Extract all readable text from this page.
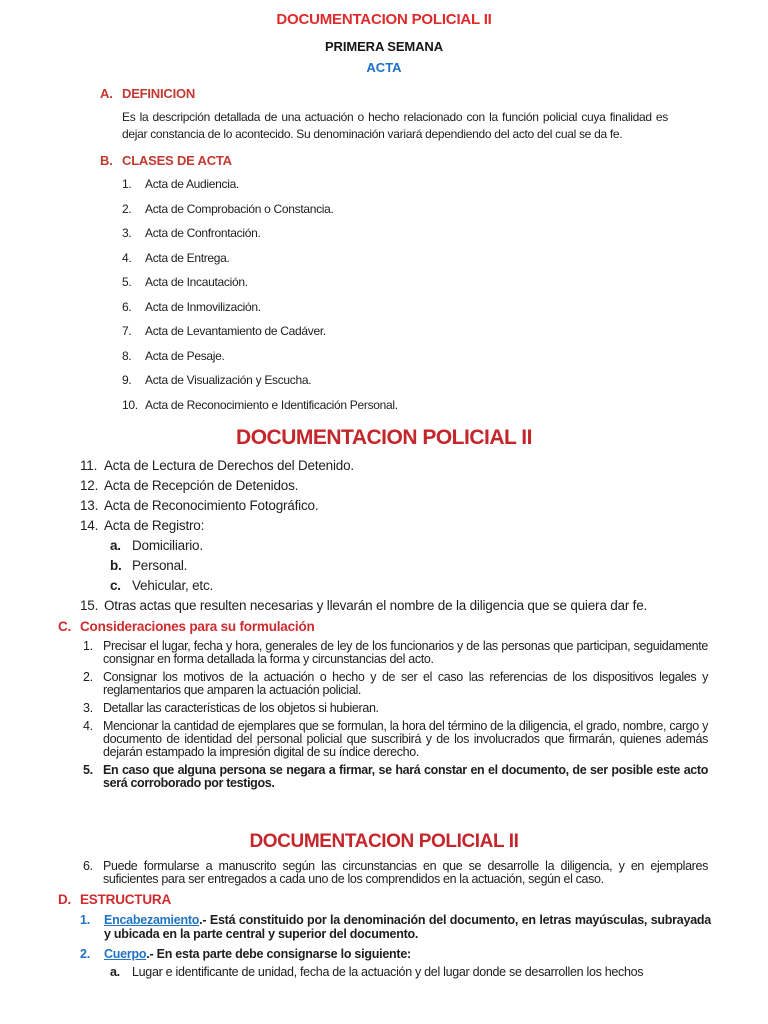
DOCUMENTACION POLICIAL II
PRIMERA SEMANA
ACTA
A. DEFINICION

Es la descripción detallada de una actuación o hecho relacionado con la función policial cuya finalidad es dejar constancia de lo acontecido. Su denominación variará dependiendo del acto del cual se da fe.

B. CLASES DE ACTA
1.	Acta de Audiencia.
2.	Acta de Comprobación o Constancia.
3.	Acta de Confrontación.
4.	Acta de Entrega.
5.	Acta de Incautación.
6.	Acta de Inmovilización.
7.	Acta de Levantamiento de Cadáver.
8.	Acta de Pesaje.
9.	Acta de Visualización y Escucha.
10. Acta de Reconocimiento e Identificación Personal.
DOCUMENTACION POLICIAL II
11. Acta de Lectura de Derechos del Detenido.
12. Acta de Recepción de Detenidos.
13. Acta de Reconocimiento Fotográfico.
14. Acta de Registro:
a. Domiciliario.
b. Personal.
c. Vehicular, etc.
15. Otras actas que resulten necesarias y llevarán el nombre de la diligencia que se quiera dar fe.
C. Consideraciones para su formulación
1. Precisar el lugar, fecha y hora, generales de ley de los funcionarios y de las personas que participan, seguidamente consignar en forma detallada la forma y circunstancias del acto.
2. Consignar los motivos de la actuación o hecho y de ser el caso las referencias de los dispositivos legales y reglamentarios que amparen la actuación policial.
3. Detallar las características de los objetos si hubieran.
4. Mencionar la cantidad de ejemplares que se formulan, la hora del término de la diligencia, el grado, nombre, cargo y documento de identidad del personal policial que suscribirá y de los involucrados que firmarán, quienes además dejarán estampado la impresión digital de su índice derecho.
5. En caso que alguna persona se negara a firmar, se hará constar en el documento, de ser posible este acto será corroborado por testigos.
DOCUMENTACION POLICIAL II
6. Puede formularse a manuscrito según las circunstancias en que se desarrolle la diligencia, y en ejemplares suficientes para ser entregados a cada uno de los comprendidos en la actuación, según el caso.
D. ESTRUCTURA
1.	Encabezamiento.- Está constituido por la denominación del documento, en letras mayúsculas, subrayada y ubicada en la parte central y superior del documento.
2.	Cuerpo.- En esta parte debe consignarse lo siguiente:
a. Lugar e identificante de unidad, fecha de la actuación y del lugar donde se desarrollen los hechos
